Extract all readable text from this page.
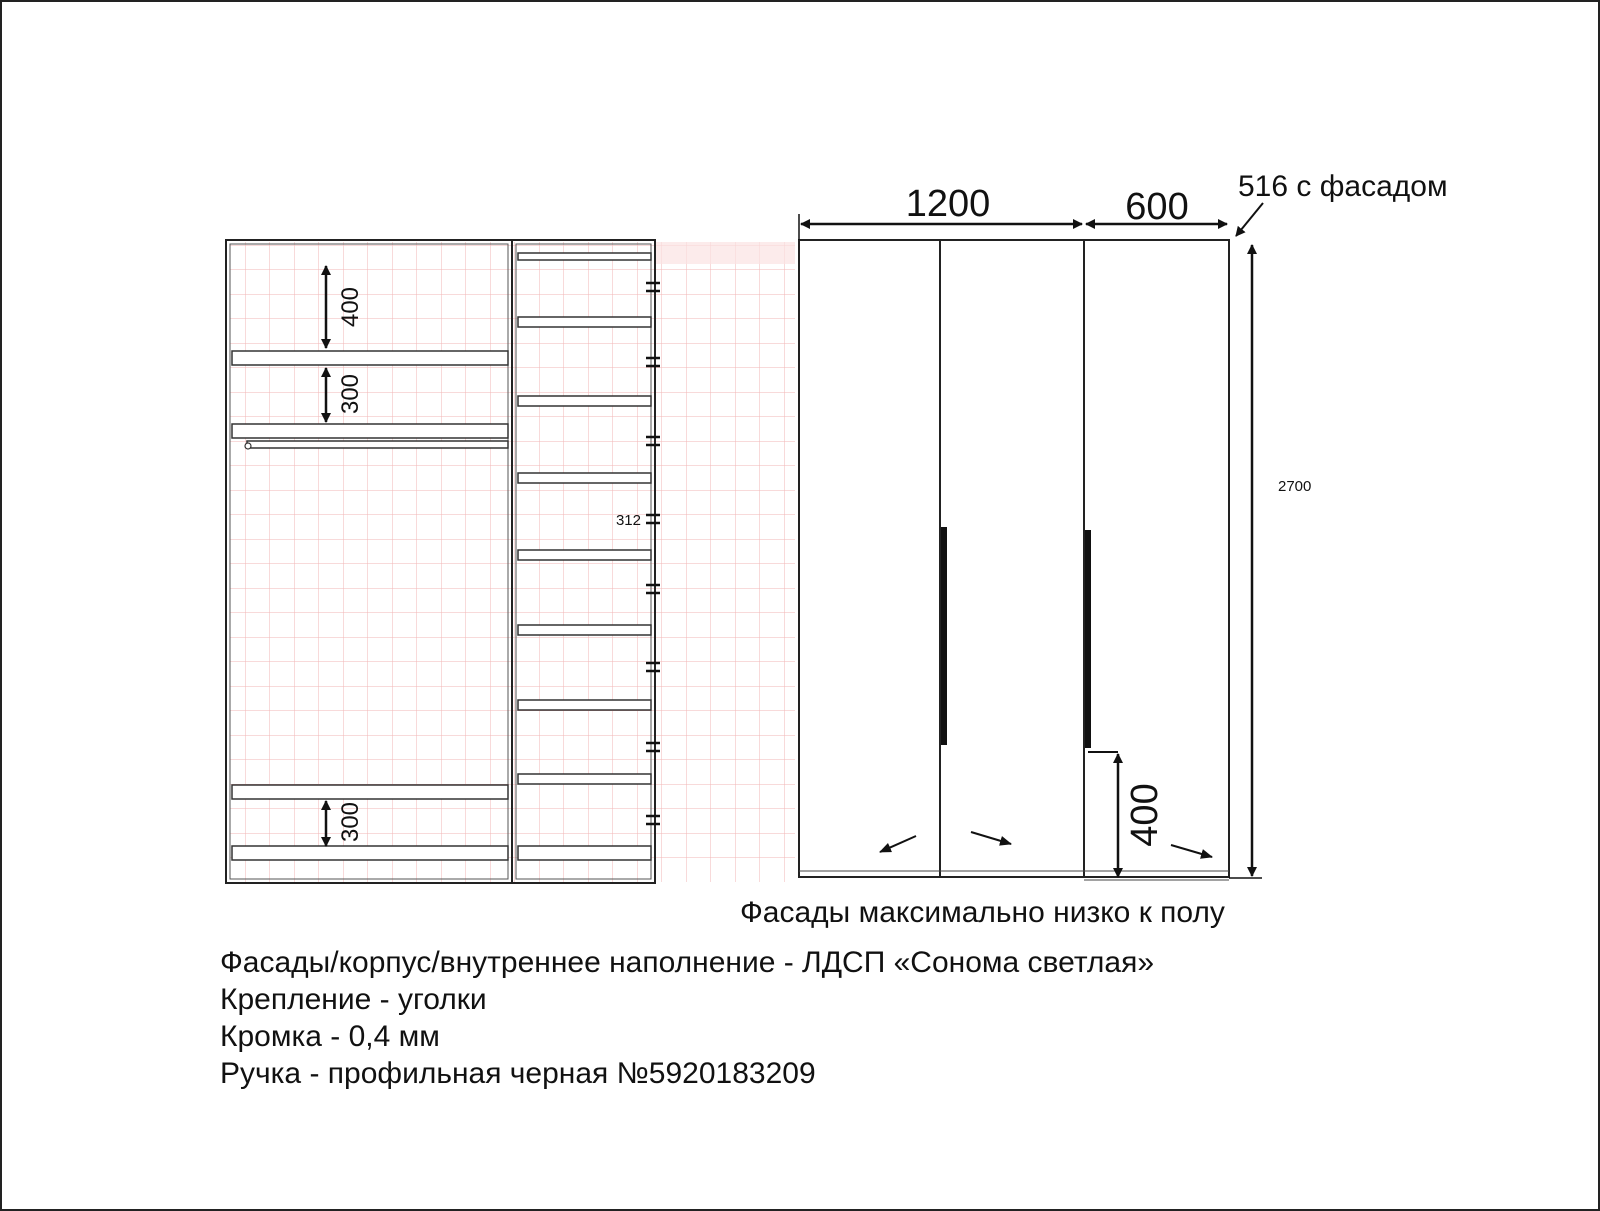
312
400
300
300
1200	600 516 с фасадом
2700
400
Фасады максимально низко к полу
Фасады/корпус/внутреннее наполнение - ЛДСП «Сонома светлая»
Крепление - уголки
Кромка - 0,4 мм
Ручка - профильная черная №5920183209
